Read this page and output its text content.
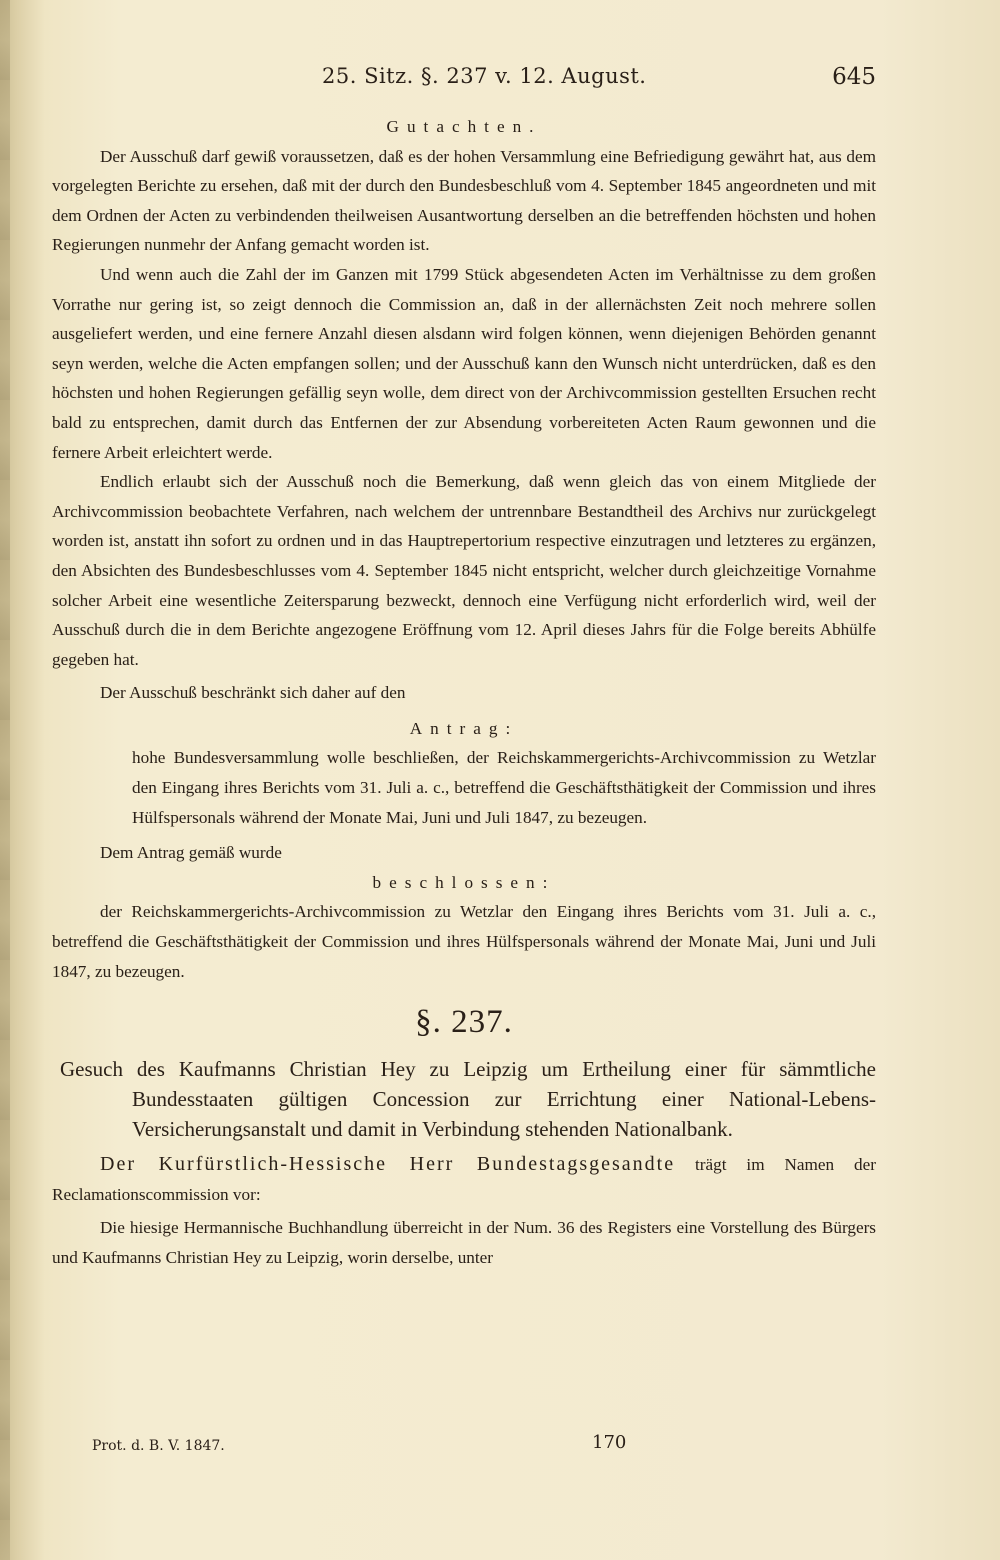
25. Sitz. §. 237 v. 12. August.	645

Gutachten.

Der Ausschuß darf gewiß voraussetzen, daß es der hohen Versammlung eine Befriedigung gewährt hat, aus dem vorgelegten Berichte zu ersehen, daß mit der durch den Bundesbeschluß vom 4. September 1845 angeordneten und mit dem Ordnen der Acten zu verbindenden theilweisen Ausantwortung derselben an die betreffenden höchsten und hohen Regierungen nunmehr der Anfang gemacht worden ist.

Und wenn auch die Zahl der im Ganzen mit 1799 Stück abgesendeten Acten im Verhältnisse zu dem großen Vorrathe nur gering ist, so zeigt dennoch die Commission an, daß in der allernächsten Zeit noch mehrere sollen ausgeliefert werden, und eine fernere Anzahl diesen alsdann wird folgen können, wenn diejenigen Behörden genannt seyn werden, welche die Acten empfangen sollen; und der Ausschuß kann den Wunsch nicht unterdrücken, daß es den höchsten und hohen Regierungen gefällig seyn wolle, dem direct von der Archivcommission gestellten Ersuchen recht bald zu entsprechen, damit durch das Entfernen der zur Absendung vorbereiteten Acten Raum gewonnen und die fernere Arbeit erleichtert werde.

Endlich erlaubt sich der Ausschuß noch die Bemerkung, daß wenn gleich das von einem Mitgliede der Archivcommission beobachtete Verfahren, nach welchem der untrennbare Bestandtheil des Archivs nur zurückgelegt worden ist, anstatt ihn sofort zu ordnen und in das Hauptrepertorium respective einzutragen und letzteres zu ergänzen, den Absichten des Bundesbeschlusses vom 4. September 1845 nicht entspricht, welcher durch gleichzeitige Vornahme solcher Arbeit eine wesentliche Zeitersparung bezweckt, dennoch eine Verfügung nicht erforderlich wird, weil der Ausschuß durch die in dem Berichte angezogene Eröffnung vom 12. April dieses Jahrs für die Folge bereits Abhülfe gegeben hat.

Der Ausschuß beschränkt sich daher auf den

Antrag:

hohe Bundesversammlung wolle beschließen, der Reichskammergerichts-Archivcommission zu Wetzlar den Eingang ihres Berichts vom 31. Juli a. c., betreffend die Geschäftsthätigkeit der Commission und ihres Hülfspersonals während der Monate Mai, Juni und Juli 1847, zu bezeugen.

Dem Antrag gemäß wurde

beschlossen:

der Reichskammergerichts-Archivcommission zu Wetzlar den Eingang ihres Berichts vom 31. Juli a. c., betreffend die Geschäftsthätigkeit der Commission und ihres Hülfspersonals während der Monate Mai, Juni und Juli 1847, zu bezeugen.

§. 237.

Gesuch des Kaufmanns Christian Hey zu Leipzig um Ertheilung einer für sämmtliche Bundesstaaten gültigen Concession zur Errichtung einer National-Lebens-Versicherungsanstalt und damit in Verbindung stehenden Nationalbank.

Der Kurfürstlich-Hessische Herr Bundestagsgesandte trägt im Namen der Reclamationscommission vor:

Die hiesige Hermannische Buchhandlung überreicht in der Num. 36 des Registers eine Vorstellung des Bürgers und Kaufmanns Christian Hey zu Leipzig, worin derselbe, unter

Prot. d. B. V. 1847.	170
